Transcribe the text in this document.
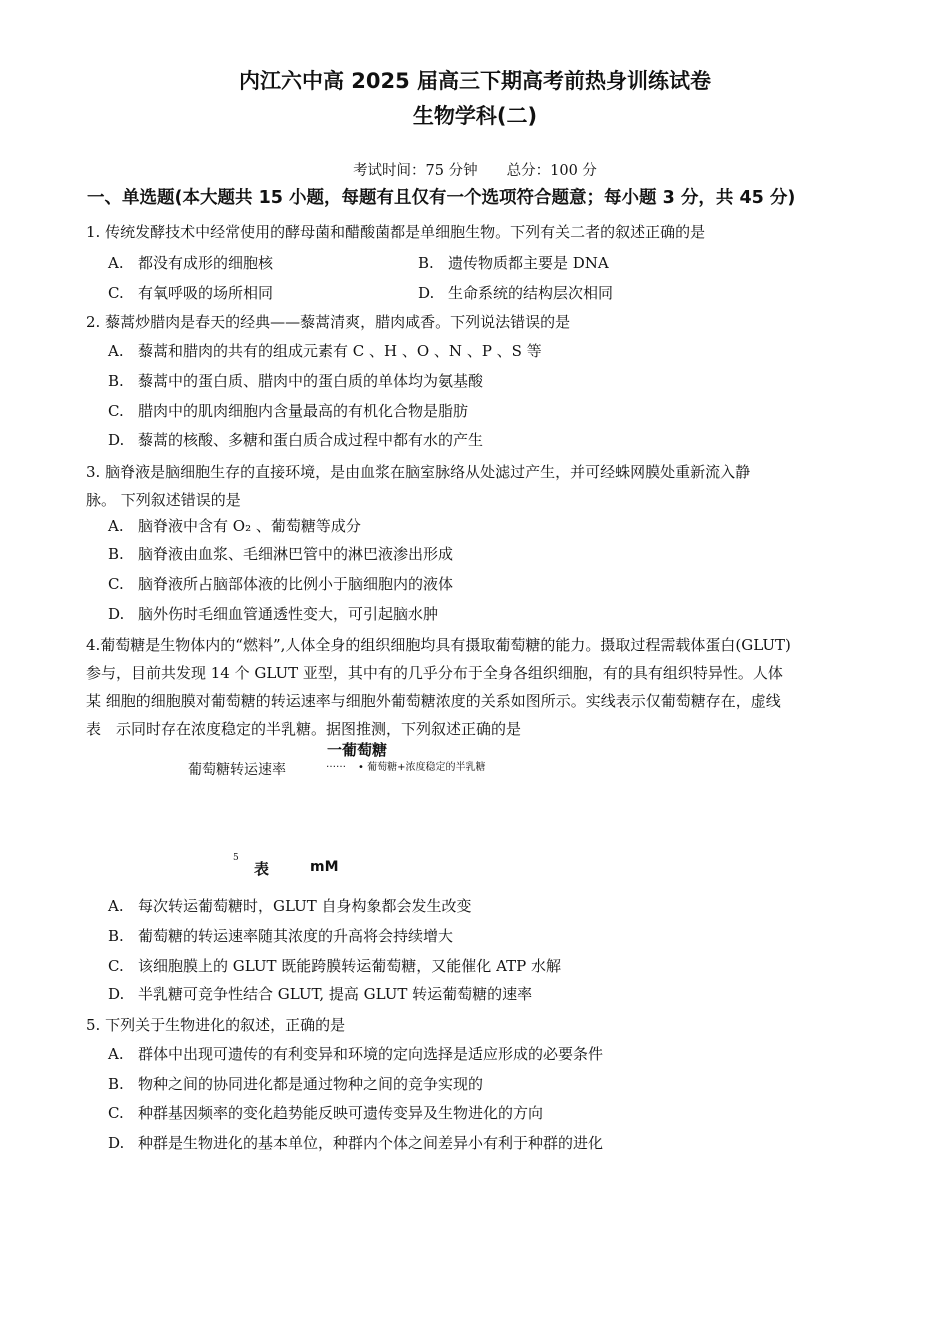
内江六中高 2025 届高三下期高考前热身训练试卷
生物学科(二)
考试时间：75 分钟　　总分：100 分
一、单选题(本大题共 15 小题，每题有且仅有一个选项符合题意；每小题 3 分，共 45 分)
1. 传统发酵技术中经常使用的酵母菌和醋酸菌都是单细胞生物。下列有关二者的叙述正确的是
A. 都没有成形的细胞核	B. 遗传物质都主要是 DNA
C. 有氧呼吸的场所相同	D. 生命系统的结构层次相同
2. 藜蒿炒腊肉是春天的经典——藜蒿清爽，腊肉咸香。下列说法错误的是
A. 藜蒿和腊肉的共有的组成元素有 C 、H 、O 、N 、P 、S 等
B. 藜蒿中的蛋白质、腊肉中的蛋白质的单体均为氨基酸
C. 腊肉中的肌肉细胞内含量最高的有机化合物是脂肪
D. 藜蒿的核酸、多糖和蛋白质合成过程中都有水的产生
3. 脑脊液是脑细胞生存的直接环境，是由血浆在脑室脉络从处滤过产生，并可经蛛网膜处重新流入静
脉。 下列叙述错误的是
A. 脑脊液中含有 O₂ 、葡萄糖等成分
B. 脑脊液由血浆、毛细淋巴管中的淋巴液渗出形成
C. 脑脊液所占脑部体液的比例小于脑细胞内的液体
D. 脑外伤时毛细血管通透性变大，可引起脑水肿
4.葡萄糖是生物体内的“燃料”,人体全身的组织细胞均具有摄取葡萄糖的能力。摄取过程需载体蛋白(GLUT)
参与，目前共发现 14 个 GLUT 亚型，其中有的几乎分布于全身各组织细胞，有的具有组织特异性。人体
某 细胞的细胞膜对葡萄糖的转运速率与细胞外葡萄糖浓度的关系如图所示。实线表示仅葡萄糖存在，虚线
表　示同时存在浓度稳定的半乳糖。据图推测，下列叙述正确的是
一葡萄糖
…… • 葡萄糖+浓度稳定的半乳糖
葡萄糖转运速率
5
表	mM
A. 每次转运葡萄糖时，GLUT 自身构象都会发生改变
B. 葡萄糖的转运速率随其浓度的升高将会持续增大
C. 该细胞膜上的 GLUT 既能跨膜转运葡萄糖，又能催化 ATP 水解
D. 半乳糖可竞争性结合 GLUT, 提高 GLUT 转运葡萄糖的速率
5. 下列关于生物进化的叙述，正确的是
A. 群体中出现可遗传的有利变异和环境的定向选择是适应形成的必要条件
B. 物种之间的协同进化都是通过物种之间的竞争实现的
C. 种群基因频率的变化趋势能反映可遗传变异及生物进化的方向
D. 种群是生物进化的基本单位，种群内个体之间差异小有利于种群的进化
